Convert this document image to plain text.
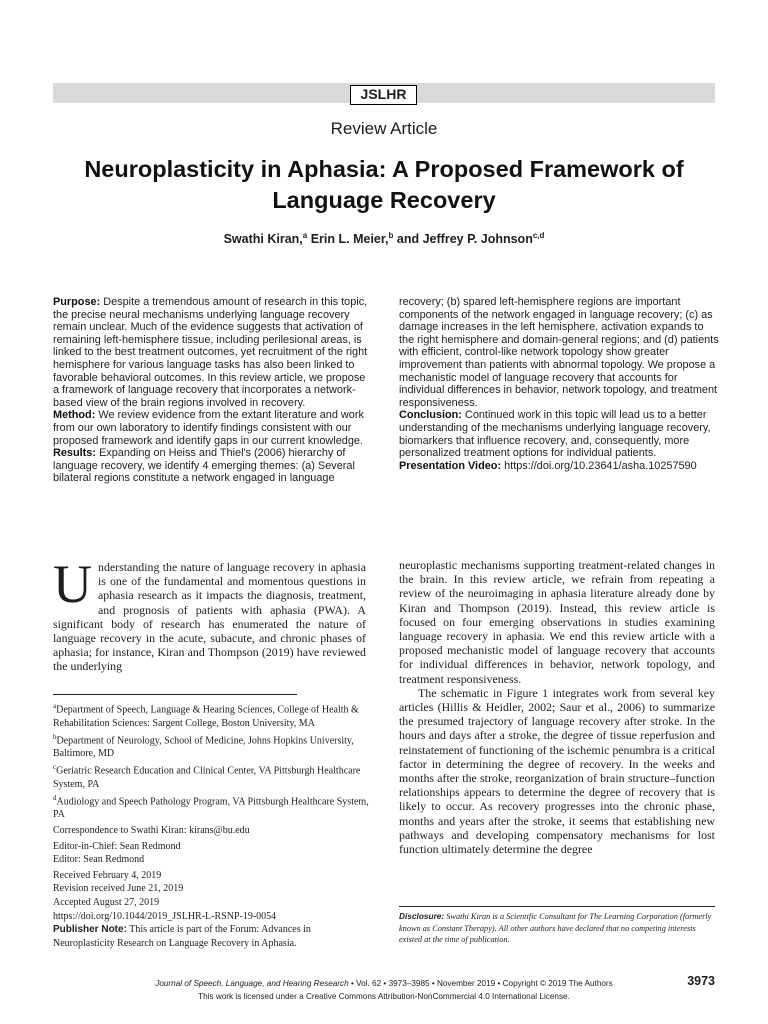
JSLHR
Review Article
Neuroplasticity in Aphasia: A Proposed Framework of Language Recovery
Swathi Kiran,$^a$ Erin L. Meier,$^b$ and Jeffrey P. Johnson$^{c,d}$
Purpose: Despite a tremendous amount of research in this topic, the precise neural mechanisms underlying language recovery remain unclear. Much of the evidence suggests that activation of remaining left-hemisphere tissue, including perilesional areas, is linked to the best treatment outcomes, yet recruitment of the right hemisphere for various language tasks has also been linked to favorable behavioral outcomes. In this review article, we propose a framework of language recovery that incorporates a network-based view of the brain regions involved in recovery.
Method: We review evidence from the extant literature and work from our own laboratory to identify findings consistent with our proposed framework and identify gaps in our current knowledge.
Results: Expanding on Heiss and Thiel's (2006) hierarchy of language recovery, we identify 4 emerging themes: (a) Several bilateral regions constitute a network engaged in language
recovery; (b) spared left-hemisphere regions are important components of the network engaged in language recovery; (c) as damage increases in the left hemisphere, activation expands to the right hemisphere and domain-general regions; and (d) patients with efficient, control-like network topology show greater improvement than patients with abnormal topology. We propose a mechanistic model of language recovery that accounts for individual differences in behavior, network topology, and treatment responsiveness.
Conclusion: Continued work in this topic will lead us to a better understanding of the mechanisms underlying language recovery, biomarkers that influence recovery, and, consequently, more personalized treatment options for individual patients.
Presentation Video: https://doi.org/10.23641/asha.10257590

Understanding the nature of language recovery in aphasia is one of the fundamental and momentous questions in aphasia research as it impacts the diagnosis, treatment, and prognosis of patients with aphasia (PWA). A significant body of research has enumerated the nature of language recovery in the acute, subacute, and chronic phases of aphasia; for instance, Kiran and Thompson (2019) have reviewed the underlying

neuroplastic mechanisms supporting treatment-related changes in the brain. In this review article, we refrain from repeating a review of the neuroimaging in aphasia literature already done by Kiran and Thompson (2019). Instead, this review article is focused on four emerging observations in studies examining language recovery in aphasia. We end this review article with a proposed mechanistic model of language recovery that accounts for individual differences in behavior, network topology, and treatment responsiveness.

The schematic in Figure 1 integrates work from several key articles (Hillis & Heidler, 2002; Saur et al., 2006) to summarize the presumed trajectory of language recovery after stroke. In the hours and days after a stroke, the degree of tissue reperfusion and reinstatement of functioning of the ischemic penumbra is a critical factor in determining the degree of recovery. In the weeks and months after the stroke, reorganization of brain structure–function relationships appears to determine the degree of recovery that is likely to occur. As recovery progresses into the chronic phase, months and years after the stroke, it seems that establishing new pathways and developing compensatory mechanisms for lost function ultimately determine the degree

$^a$Department of Speech, Language & Hearing Sciences, College of Health & Rehabilitation Sciences: Sargent College, Boston University, MA
$^b$Department of Neurology, School of Medicine, Johns Hopkins University, Baltimore, MD
$^c$Geriatric Research Education and Clinical Center, VA Pittsburgh Healthcare System, PA
$^d$Audiology and Speech Pathology Program, VA Pittsburgh Healthcare System, PA
Correspondence to Swathi Kiran: kirans@bu.edu
Editor-in-Chief: Sean Redmond
Editor: Sean Redmond
Received February 4, 2019
Revision received June 21, 2019
Accepted August 27, 2019
https://doi.org/10.1044/2019_JSLHR-L-RSNP-19-0054
Publisher Note: This article is part of the Forum: Advances in Neuroplasticity Research on Language Recovery in Aphasia.
Disclosure: Swathi Kiran is a Scientific Consultant for The Learning Corporation (formerly known as Constant Therapy). All other authors have declared that no competing interests existed at the time of publication.
Journal of Speech, Language, and Hearing Research • Vol. 62 • 3973–3985 • November 2019 • Copyright © 2019 The Authors
This work is licensed under a Creative Commons Attribution-NonCommercial 4.0 International License.
3973
